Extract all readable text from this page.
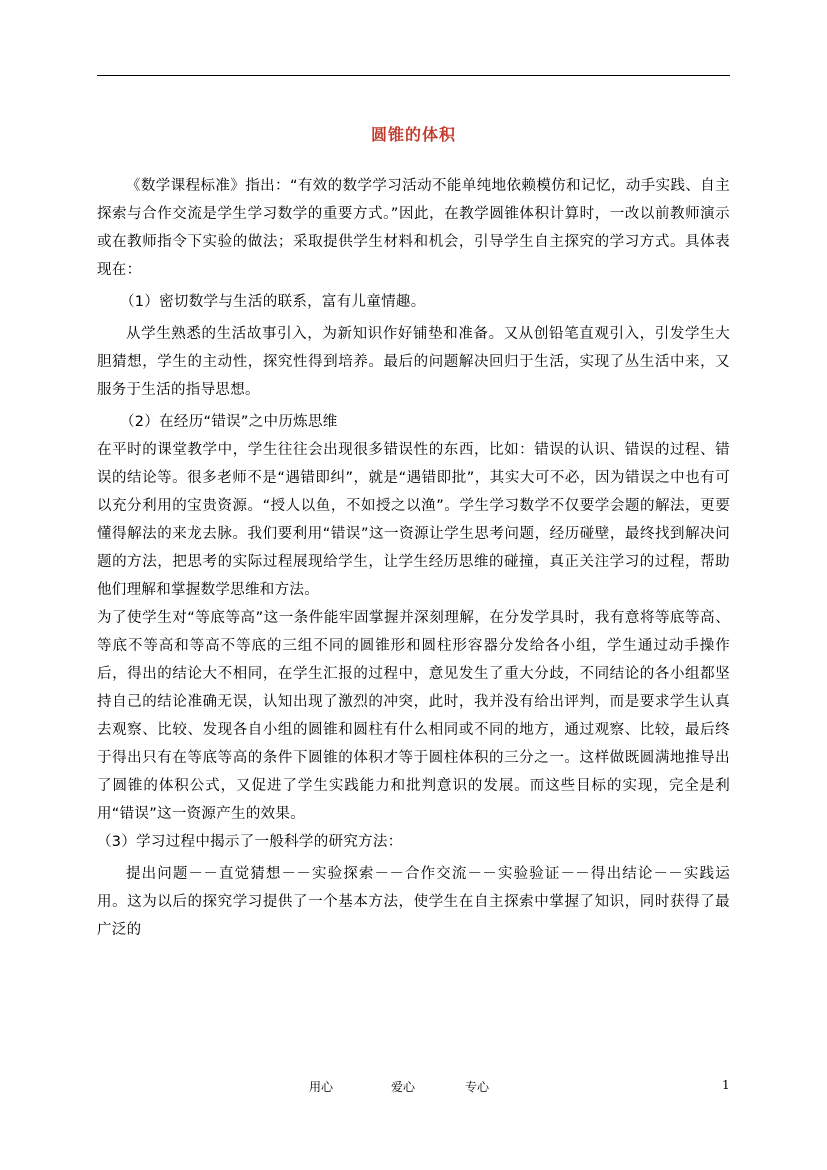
圆锥的体积

《数学课程标准》指出：“有效的数学学习活动不能单纯地依赖模仿和记忆，动手实践、自主探索与合作交流是学生学习数学的重要方式。”因此，在教学圆锥体积计算时，一改以前教师演示或在教师指令下实验的做法；采取提供学生材料和机会，引导学生自主探究的学习方式。具体表现在：

（1）密切数学与生活的联系，富有儿童情趣。

从学生熟悉的生活故事引入，为新知识作好铺垫和准备。又从创铅笔直观引入，引发学生大胆猜想，学生的主动性，探究性得到培养。最后的问题解决回归于生活，实现了丛生活中来，又服务于生活的指导思想。

（2）在经历“错误”之中历炼思维

在平时的课堂教学中，学生往往会出现很多错误性的东西，比如：错误的认识、错误的过程、错误的结论等。很多老师不是“遇错即纠”，就是“遇错即批”，其实大可不必，因为错误之中也有可以充分利用的宝贵资源。“授人以鱼，不如授之以渔”。学生学习数学不仅要学会题的解法，更要懂得解法的来龙去脉。我们要利用“错误”这一资源让学生思考问题，经历碰壁，最终找到解决问题的方法，把思考的实际过程展现给学生，让学生经历思维的碰撞，真正关注学习的过程，帮助他们理解和掌握数学思维和方法。

为了使学生对“等底等高”这一条件能牢固掌握并深刻理解，在分发学具时，我有意将等底等高、等底不等高和等高不等底的三组不同的圆锥形和圆柱形容器分发给各小组，学生通过动手操作后，得出的结论大不相同，在学生汇报的过程中，意见发生了重大分歧，不同结论的各小组都坚持自己的结论准确无误，认知出现了激烈的冲突，此时，我并没有给出评判，而是要求学生认真去观察、比较、发现各自小组的圆锥和圆柱有什么相同或不同的地方，通过观察、比较，最后终于得出只有在等底等高的条件下圆锥的体积才等于圆柱体积的三分之一。这样做既圆满地推导出了圆锥的体积公式，又促进了学生实践能力和批判意识的发展。而这些目标的实现，完全是利用“错误”这一资源产生的效果。

（3）学习过程中揭示了一般科学的研究方法：

提出问题－－直觉猜想－－实验探索－－合作交流－－实验验证－－得出结论－－实践运用。这为以后的探究学习提供了一个基本方法，使学生在自主探索中掌握了知识，同时获得了最广泛的

用心	爱心	专心	1
